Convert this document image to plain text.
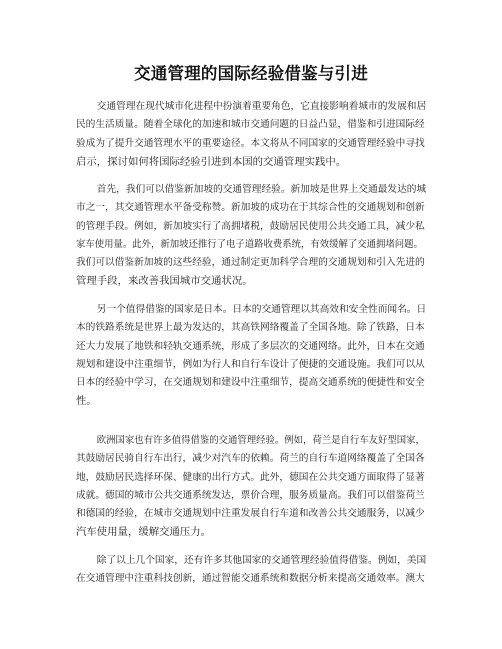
交通管理的国际经验借鉴与引进
交通管理在现代城市化进程中扮演着重要角色，它直接影响着城市的发展和居
民的生活质量。随着全球化的加速和城市交通问题的日益凸显，借鉴和引进国际经
验成为了提升交通管理水平的重要途径。本文将从不同国家的交通管理经验中寻找
启示，探讨如何将国际经验引进到本国的交通管理实践中。
首先，我们可以借鉴新加坡的交通管理经验。新加坡是世界上交通最发达的城
市之一，其交通管理水平备受称赞。新加坡的成功在于其综合性的交通规划和创新
的管理手段。例如，新加坡实行了高拥堵税，鼓励居民使用公共交通工具，减少私
家车使用量。此外，新加坡还推行了电子道路收费系统，有效缓解了交通拥堵问题。
我们可以借鉴新加坡的这些经验，通过制定更加科学合理的交通规划和引入先进的
管理手段，来改善我国城市交通状况。
另一个值得借鉴的国家是日本。日本的交通管理以其高效和安全性而闻名。日
本的铁路系统是世界上最为发达的，其高铁网络覆盖了全国各地。除了铁路，日本
还大力发展了地铁和轻轨交通系统，形成了多层次的交通网络。此外，日本在交通
规划和建设中注重细节，例如为行人和自行车设计了便捷的交通设施。我们可以从
日本的经验中学习，在交通规划和建设中注重细节，提高交通系统的便捷性和安全
性。
欧洲国家也有许多值得借鉴的交通管理经验。例如，荷兰是自行车友好型国家，
其鼓励居民骑自行车出行，减少对汽车的依赖。荷兰的自行车道网络覆盖了全国各
地，鼓励居民选择环保、健康的出行方式。此外，德国在公共交通方面取得了显著
成就。德国的城市公共交通系统发达，票价合理，服务质量高。我们可以借鉴荷兰
和德国的经验，在城市交通规划中注重发展自行车道和改善公共交通服务，以减少
汽车使用量，缓解交通压力。
除了以上几个国家，还有许多其他国家的交通管理经验值得借鉴。例如，美国
在交通管理中注重科技创新，通过智能交通系统和数据分析来提高交通效率。澳大
